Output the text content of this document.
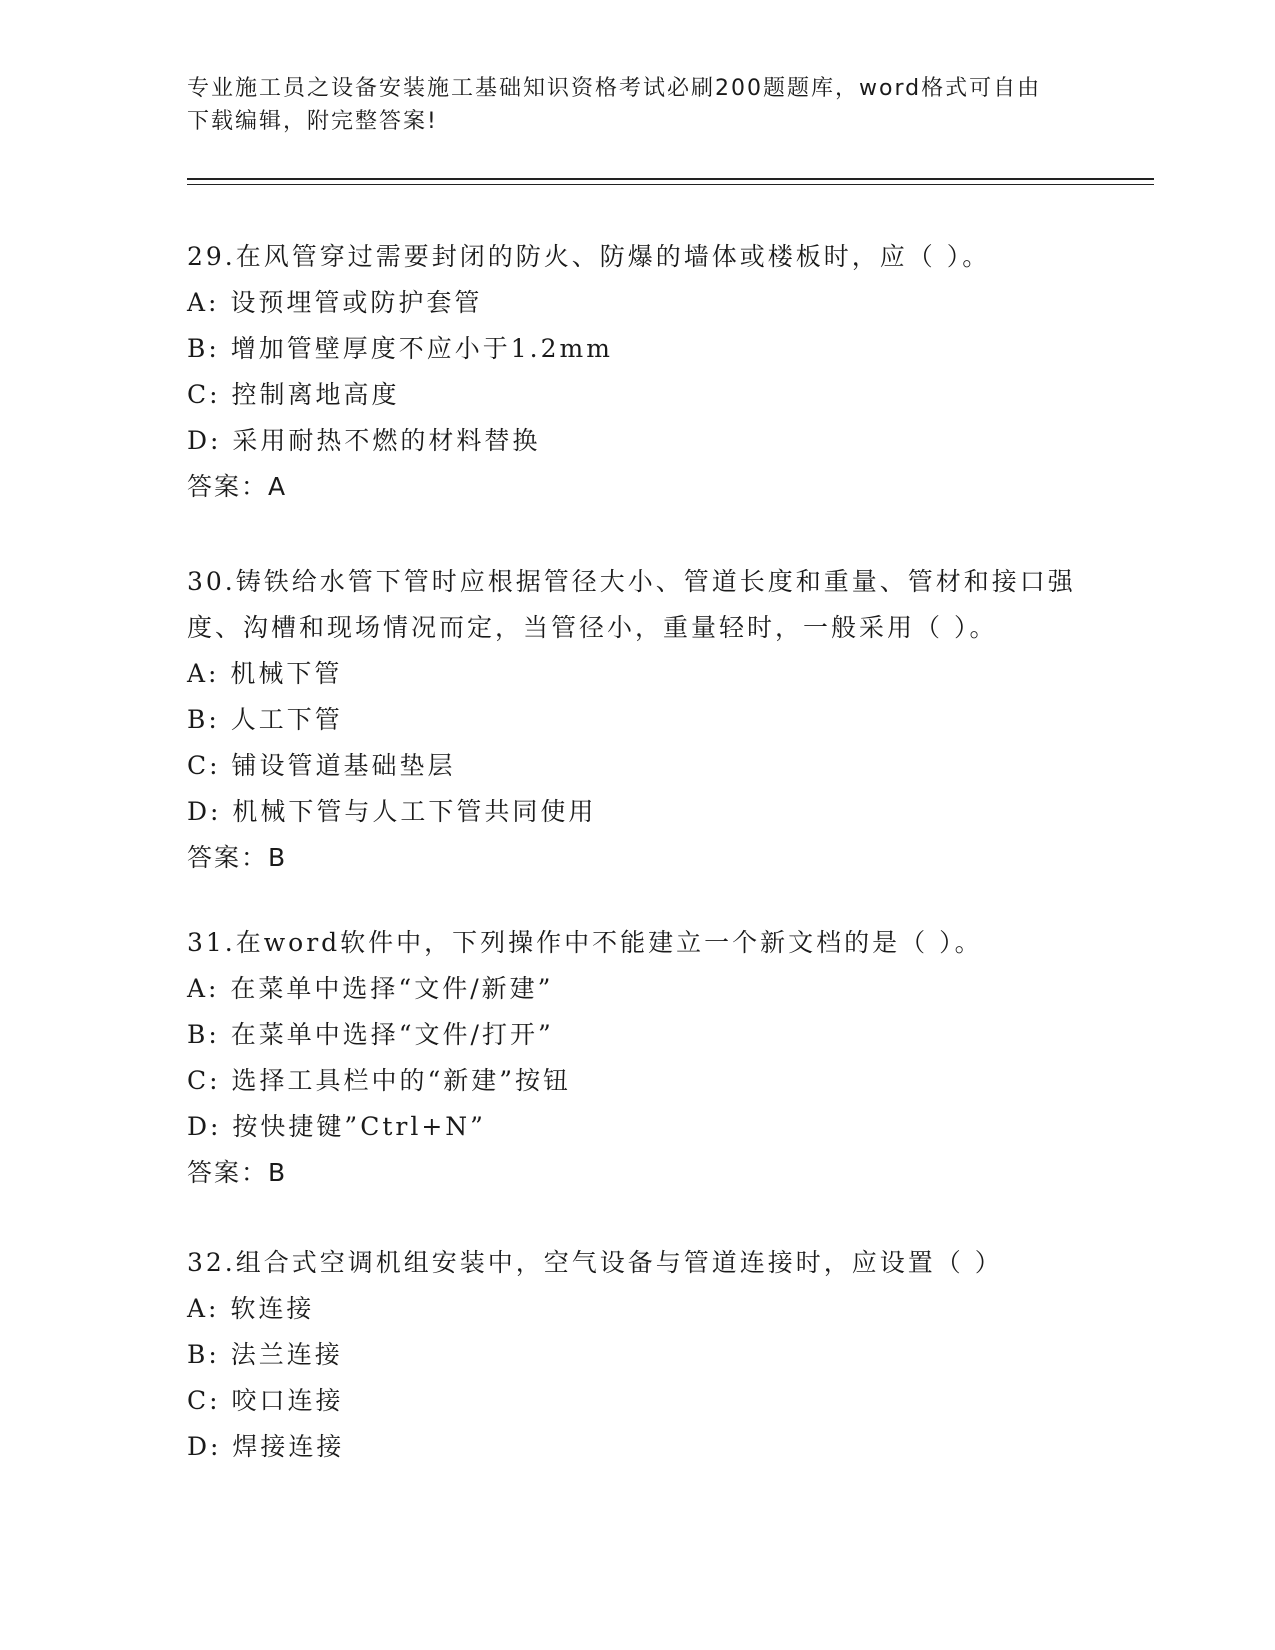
专业施工员之设备安装施工基础知识资格考试必刷200题题库，word格式可自由
下载编辑，附完整答案!

29.在风管穿过需要封闭的防火、防爆的墙体或楼板时，应（ ）。

A: 设预埋管或防护套管

B: 增加管壁厚度不应小于1.2mm

C: 控制离地高度

D: 采用耐热不燃的材料替换

答案：A

30.铸铁给水管下管时应根据管径大小、管道长度和重量、管材和接口强度、沟槽和现场情况而定，当管径小，重量轻时，一般采用（ ）。

A: 机械下管

B: 人工下管

C: 铺设管道基础垫层

D: 机械下管与人工下管共同使用

答案：B

31.在word软件中，下列操作中不能建立一个新文档的是（ ）。

A: 在菜单中选择“文件/新建”

B: 在菜单中选择“文件/打开”

C: 选择工具栏中的“新建”按钮

D: 按快捷键”Ctrl+N”

答案：B

32.组合式空调机组安装中，空气设备与管道连接时，应设置（ ）

A: 软连接

B: 法兰连接

C: 咬口连接

D: 焊接连接
